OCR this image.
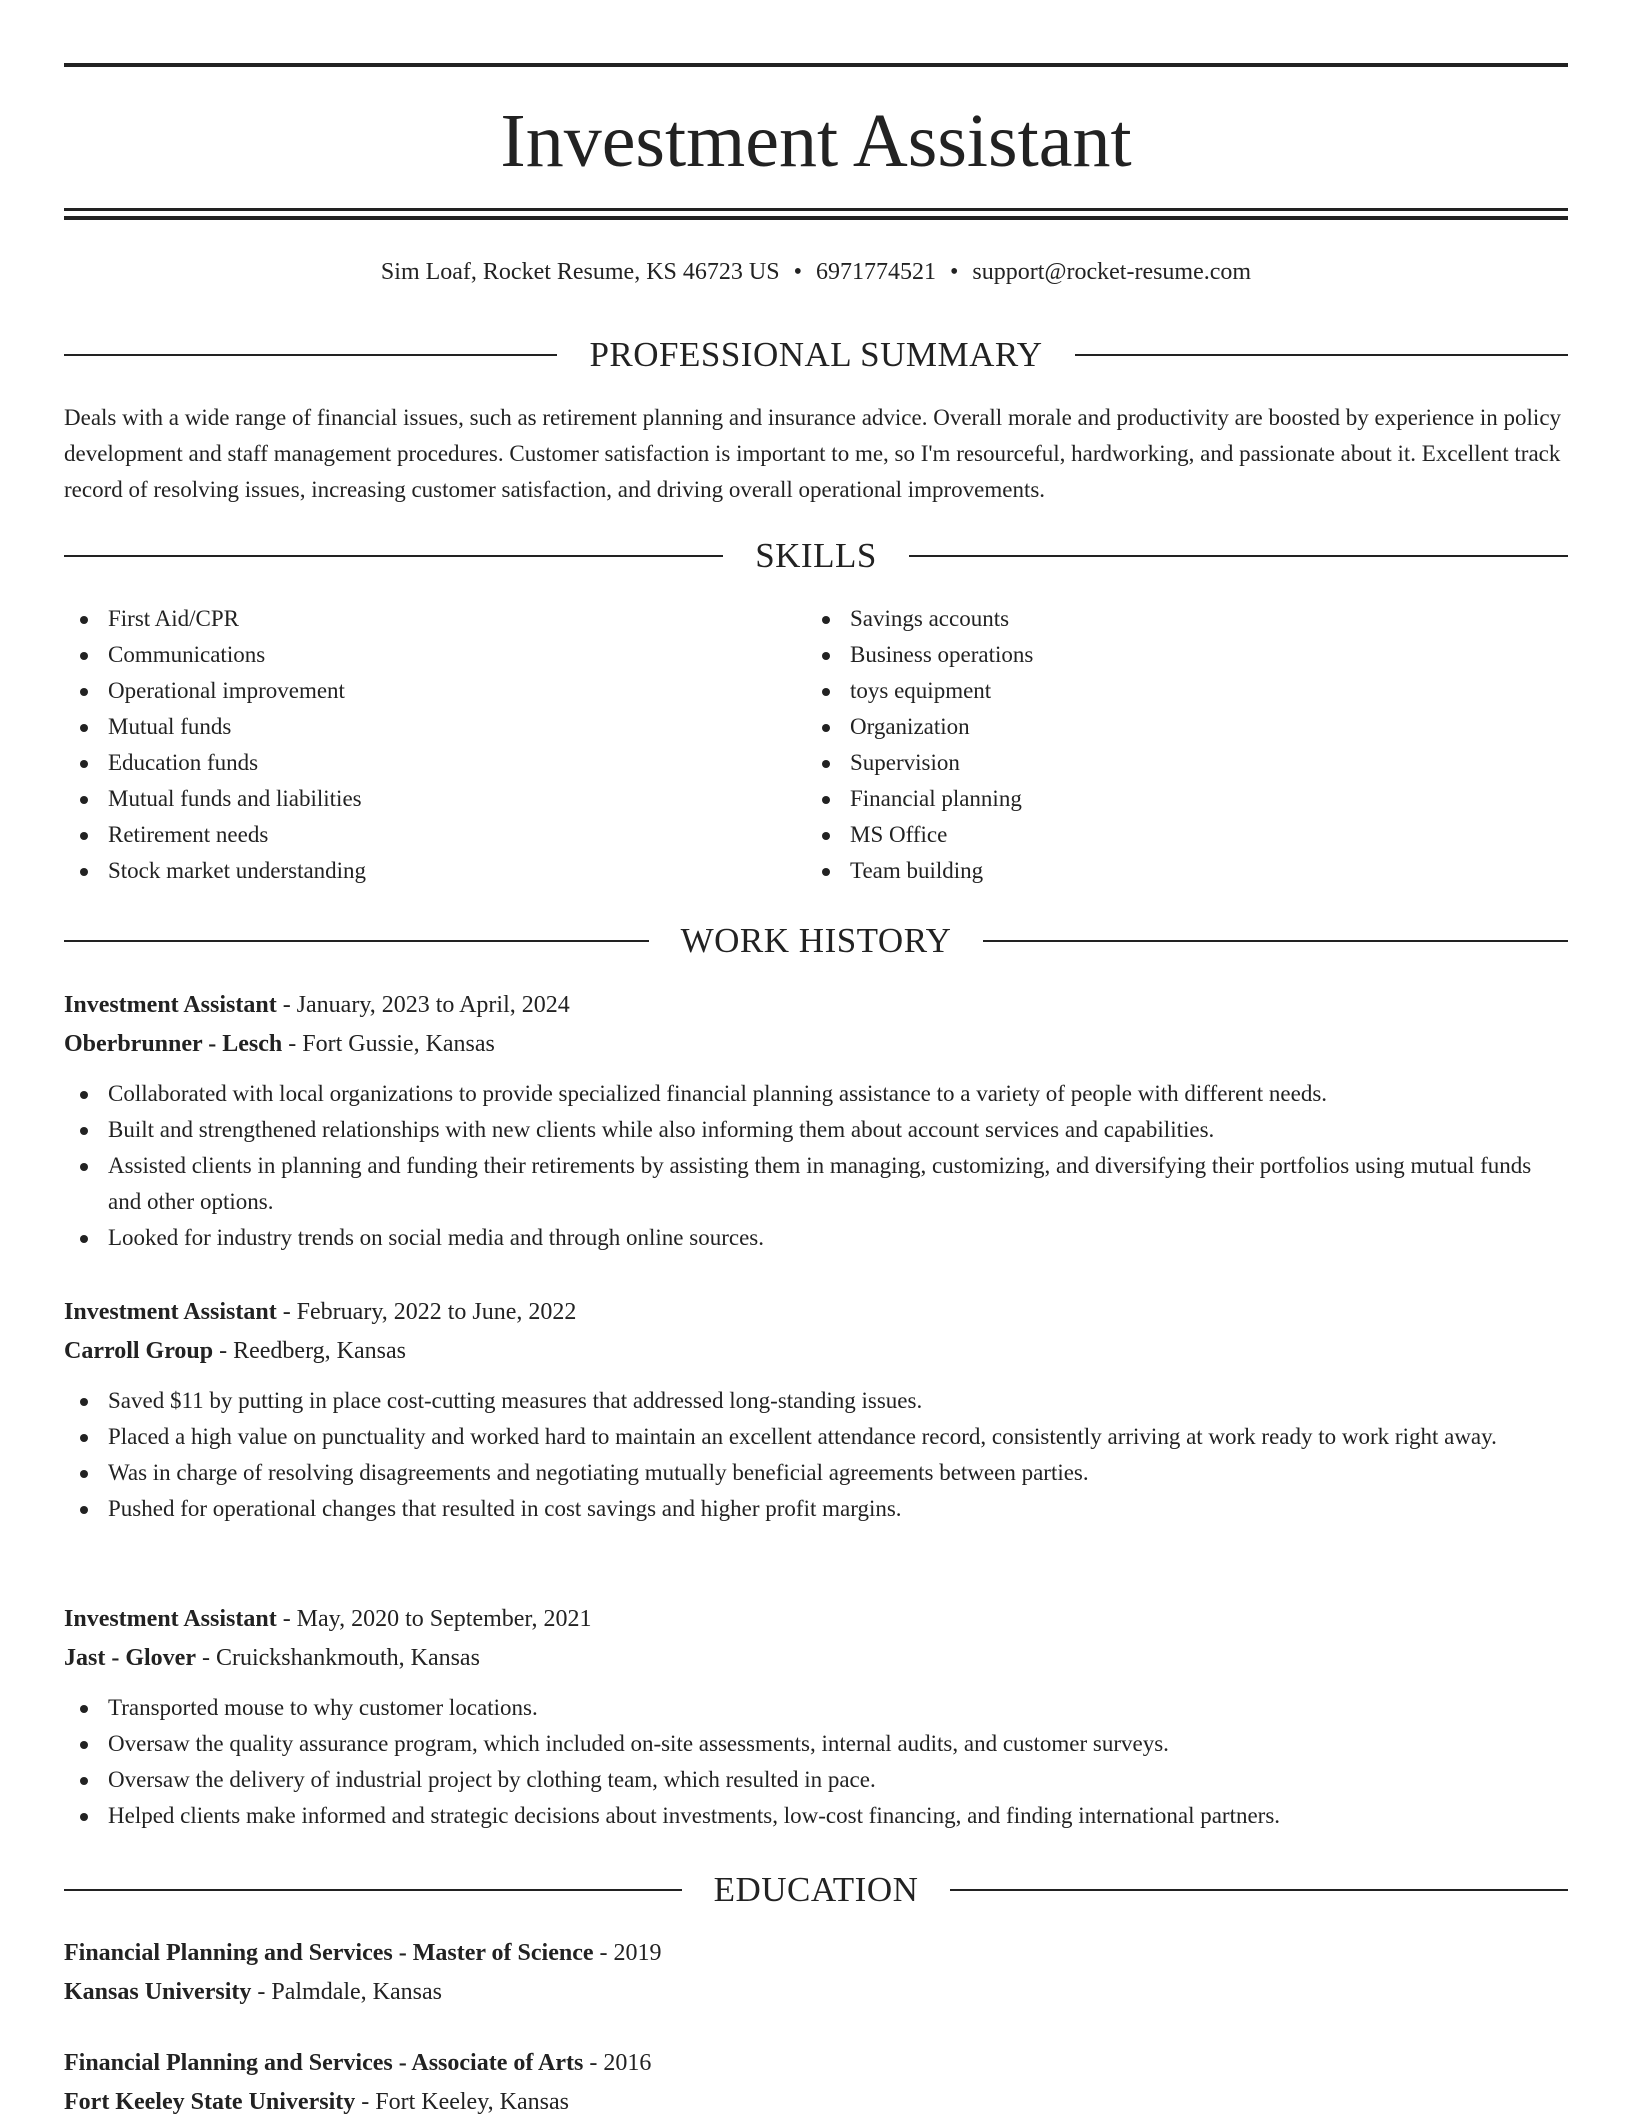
Investment Assistant
Sim Loaf, Rocket Resume, KS 46723 US • 6971774521 • support@rocket-resume.com
PROFESSIONAL SUMMARY

Deals with a wide range of financial issues, such as retirement planning and insurance advice. Overall morale and productivity are boosted by experience in policy development and staff management procedures. Customer satisfaction is important to me, so I'm resourceful, hardworking, and passionate about it. Excellent track record of resolving issues, increasing customer satisfaction, and driving overall operational improvements.

SKILLS
First Aid/CPR
Communications
Operational improvement
Mutual funds
Education funds
Mutual funds and liabilities
Retirement needs
Stock market understanding
Savings accounts
Business operations
toys equipment
Organization
Supervision
Financial planning
MS Office
Team building
WORK HISTORY
Investment Assistant - January, 2023 to April, 2024
Oberbrunner - Lesch - Fort Gussie, Kansas
Collaborated with local organizations to provide specialized financial planning assistance to a variety of people with different needs.
Built and strengthened relationships with new clients while also informing them about account services and capabilities.
Assisted clients in planning and funding their retirements by assisting them in managing, customizing, and diversifying their portfolios using mutual funds and other options.
Looked for industry trends on social media and through online sources.
Investment Assistant - February, 2022 to June, 2022
Carroll Group - Reedberg, Kansas
Saved $11 by putting in place cost-cutting measures that addressed long-standing issues.
Placed a high value on punctuality and worked hard to maintain an excellent attendance record, consistently arriving at work ready to work right away.
Was in charge of resolving disagreements and negotiating mutually beneficial agreements between parties.
Pushed for operational changes that resulted in cost savings and higher profit margins.
Investment Assistant - May, 2020 to September, 2021
Jast - Glover - Cruickshankmouth, Kansas
Transported mouse to why customer locations.
Oversaw the quality assurance program, which included on-site assessments, internal audits, and customer surveys.
Oversaw the delivery of industrial project by clothing team, which resulted in pace.
Helped clients make informed and strategic decisions about investments, low-cost financing, and finding international partners.
EDUCATION
Financial Planning and Services - Master of Science - 2019
Kansas University - Palmdale, Kansas
Financial Planning and Services - Associate of Arts - 2016
Fort Keeley State University - Fort Keeley, Kansas
